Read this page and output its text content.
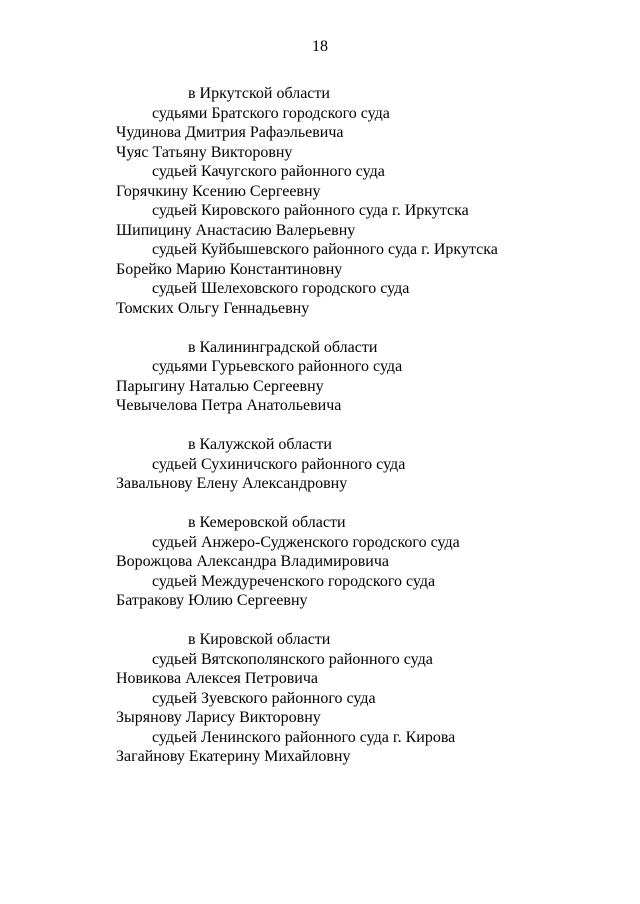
18
в Иркутской области
судьями Братского городского суда
Чудинова Дмитрия Рафаэльевича
Чуяс Татьяну Викторовну
судьей Качугского районного суда
Горячкину Ксению Сергеевну
судьей Кировского районного суда г. Иркутска
Шипицину Анастасию Валерьевну
судьей Куйбышевского районного суда г. Иркутска
Борейко Марию Константиновну
судьей Шелеховского городского суда
Томских Ольгу Геннадьевну
в Калининградской области
судьями Гурьевского районного суда
Парыгину Наталью Сергеевну
Чевычелова Петра Анатольевича
в Калужской области
судьей Сухиничского районного суда
Завальнову Елену Александровну
в Кемеровской области
судьей Анжеро-Судженского городского суда
Ворожцова Александра Владимировича
судьей Междуреченского городского суда
Батракову Юлию Сергеевну
в Кировской области
судьей Вятскополянского районного суда
Новикова Алексея Петровича
судьей Зуевского районного суда
Зырянову Ларису Викторовну
судьей Ленинского районного суда г. Кирова
Загайнову Екатерину Михайловну
